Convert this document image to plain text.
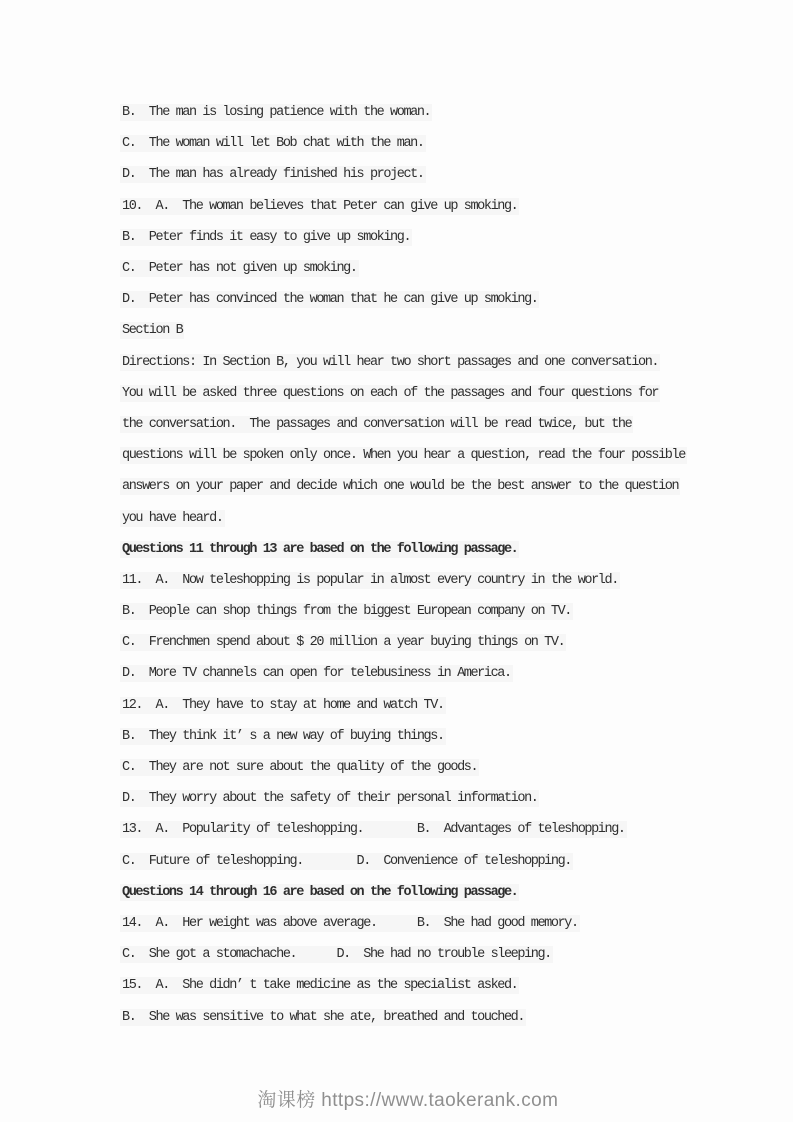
B.  The man is losing patience with the woman.
C.  The woman will let Bob chat with the man.
D.  The man has already finished his project.
10.  A.  The woman believes that Peter can give up smoking.
B.  Peter finds it easy to give up smoking.
C.  Peter has not given up smoking.
D.  Peter has convinced the woman that he can give up smoking.
Section B
Directions: In Section B, you will hear two short passages and one conversation.
You will be asked three questions on each of the passages and four questions for
the conversation.  The passages and conversation will be read twice, but the
questions will be spoken only once. When you hear a question, read the four possible
answers on your paper and decide which one would be the best answer to the question
you have heard.
Questions 11 through 13 are based on the following passage.
11.  A.  Now teleshopping is popular in almost every country in the world.
B.  People can shop things from the biggest European company on TV.
C.  Frenchmen spend about $ 20 million a year buying things on TV.
D.  More TV channels can open for telebusiness in America.
12.  A.  They have to stay at home and watch TV.
B.  They think it’ s a new way of buying things.
C.  They are not sure about the quality of the goods.
D.  They worry about the safety of their personal information.
13.  A.  Popularity of teleshopping.        B.  Advantages of teleshopping.
C.  Future of teleshopping.        D.  Convenience of teleshopping.
Questions 14 through 16 are based on the following passage.
14.  A.  Her weight was above average.      B.  She had good memory.
C.  She got a stomachache.      D.  She had no trouble sleeping.
15.  A.  She didn’ t take medicine as the specialist asked.
B.  She was sensitive to what she ate, breathed and touched.

淘课榜 https://www.taokerank.com
